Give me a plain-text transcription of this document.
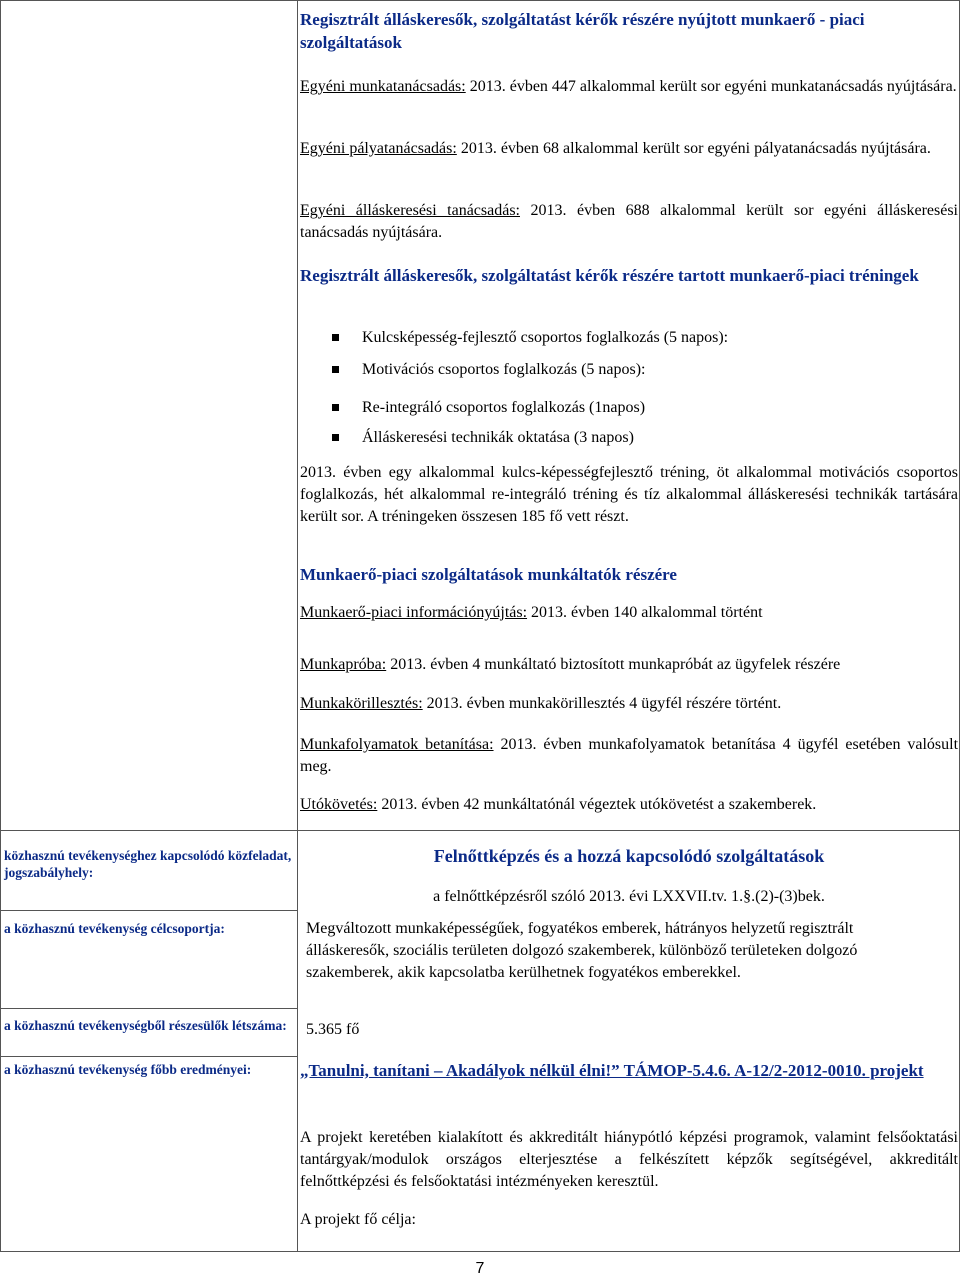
Regisztrált álláskeresők, szolgáltatást kérők részére nyújtott munkaerő - piaci szolgáltatások
Egyéni munkatanácsadás: 2013. évben 447 alkalommal került sor egyéni munkatanácsadás nyújtására.
Egyéni pályatanácsadás: 2013. évben 68 alkalommal került sor egyéni pályatanácsadás nyújtására.
Egyéni álláskeresési tanácsadás: 2013. évben 688 alkalommal került sor egyéni álláskeresési tanácsadás nyújtására.
Regisztrált álláskeresők, szolgáltatást kérők részére tartott munkaerő-piaci tréningek
Kulcsképesség-fejlesztő csoportos foglalkozás (5 napos):
Motivációs csoportos foglalkozás (5 napos):
Re-integráló csoportos foglalkozás (1napos)
Álláskeresési technikák oktatása (3 napos)
2013. évben egy alkalommal kulcs-képességfejlesztő tréning, öt alkalommal motivációs csoportos foglalkozás, hét alkalommal re-integráló tréning és tíz alkalommal álláskeresési technikák tartására került sor. A tréningeken összesen 185 fő vett részt.
Munkaerő-piaci szolgáltatások munkáltatók részére
Munkaerő-piaci információnyújtás: 2013. évben 140 alkalommal történt
Munkapróba: 2013. évben 4 munkáltató biztosított munkapróbát az ügyfelek részére
Munkakörillesztés: 2013. évben munkakörillesztés 4 ügyfél részére történt.
Munkafolyamatok betanítása: 2013. évben munkafolyamatok betanítása 4 ügyfél esetében valósult meg.
Utókövetés: 2013. évben 42 munkáltatónál végeztek utókövetést a szakemberek.
közhasznú tevékenységhez kapcsolódó közfeladat, jogszabályhely:
Felnőttképzés és a hozzá kapcsolódó szolgáltatások
a felnőttképzésről szóló 2013. évi LXXVII.tv. 1.§.(2)-(3)bek.
a közhasznú tevékenység célcsoportja:	Megváltozott munkaképességűek, fogyatékos emberek, hátrányos helyzetű regisztrált álláskeresők, szociális területen dolgozó szakemberek, különböző területeken dolgozó szakemberek, akik kapcsolatba kerülhetnek fogyatékos emberekkel.
a közhasznú tevékenységből részesülők létszáma:	5.365 fő
a közhasznú tevékenység főbb eredményei:	„Tanulni, tanítani – Akadályok nélkül élni!” TÁMOP-5.4.6. A-12/2-2012-0010. projekt
A projekt keretében kialakított és akkreditált hiánypótló képzési programok, valamint felsőoktatási tantárgyak/modulok országos elterjesztése a felkészített képzők segítségével, akkreditált felnőttképzési és felsőoktatási intézményeken keresztül.
A projekt fő célja:
7
